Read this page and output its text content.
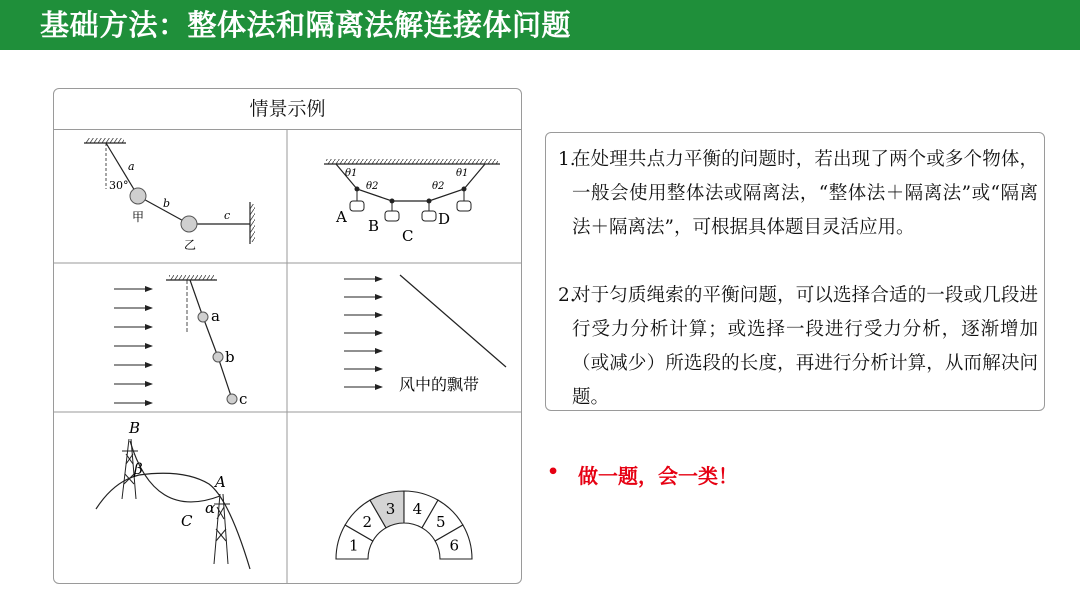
基础方法：整体法和隔离法解连接体问题
情景示例
a
30°
b
c
甲
乙
θ1
θ2	θ2
θ1
A B
C
D
a
b
c
风中的飘带
B
β
A
α
C
1
2
3 4
5
6
1.
在处理共点力平衡的问题时，若出现了两个或多个物体，一般会使用整体法或隔离法，“整体法＋隔离法”或“隔离法＋隔离法”，可根据具体题目灵活应用。
2.
对于匀质绳索的平衡问题，可以选择合适的一段或几段进行受力分析计算；或选择一段进行受力分析，逐渐增加（或减少）所选段的长度，再进行分析计算，从而解决问题。
• 做一题，会一类！
